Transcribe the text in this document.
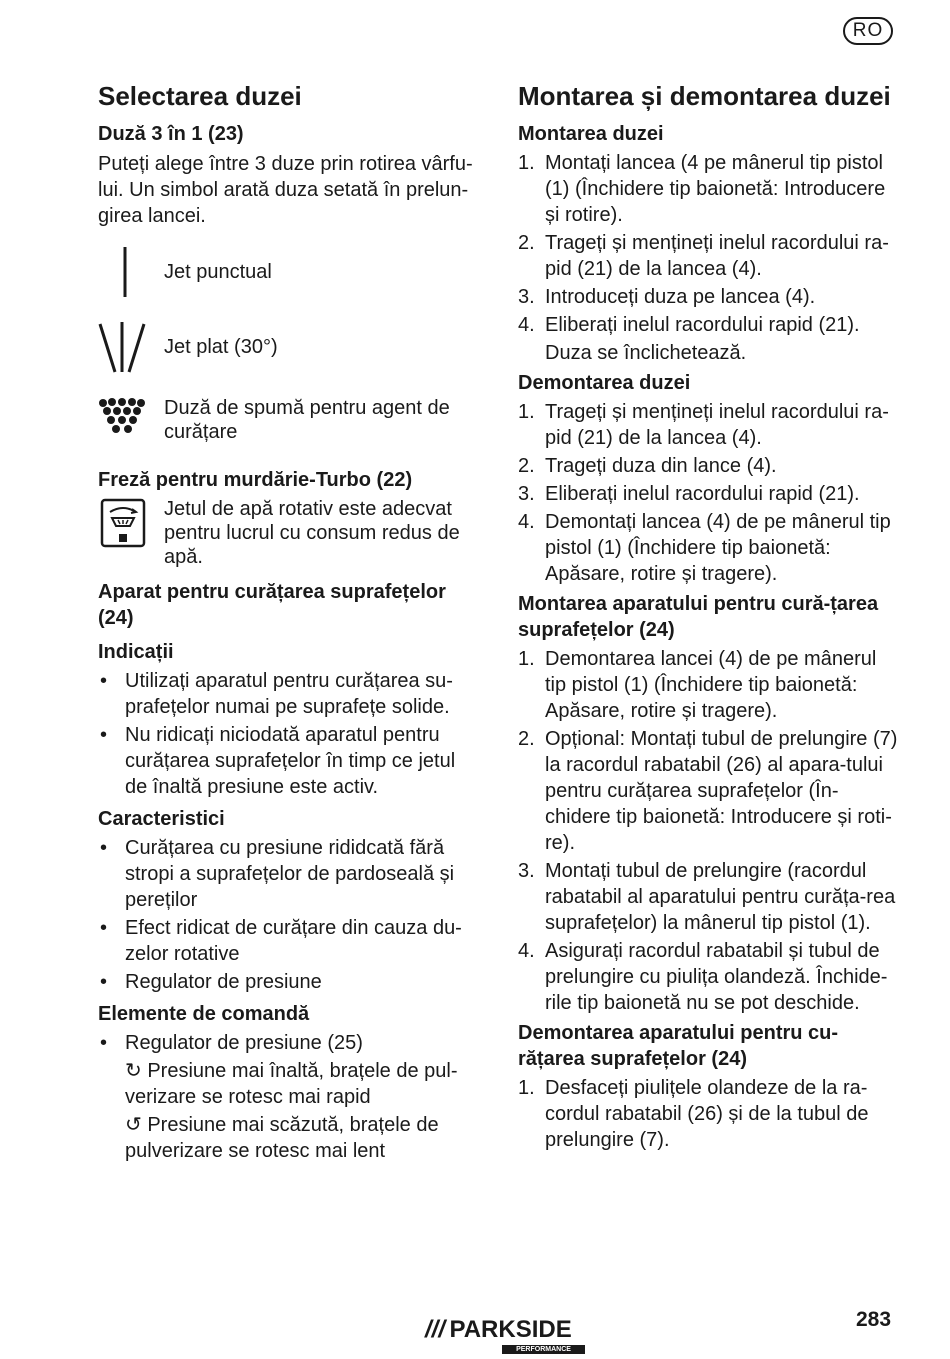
RO
Selectarea duzei
Duză 3 în 1 (23)

Puteți alege între 3 duze prin rotirea vârfu-lui. Un simbol arată duza setată în prelun-girea lancei.

Jet punctual
Jet plat (30°)
Duză de spumă pentru agent de curățare
Freză pentru murdărie-Turbo (22)
Jetul de apă rotativ este adecvat pentru lucrul cu consum redus de apă.
Aparat pentru curățarea suprafețelor (24)
Indicații
• Utilizați aparatul pentru curățarea su-prafețelor numai pe suprafețe solide.
• Nu ridicați niciodată aparatul pentru curățarea suprafețelor în timp ce jetul de înaltă presiune este activ.
Caracteristici
• Curățarea cu presiune rididcată fără stropi a suprafețelor de pardoseală și pereților
• Efect ridicat de curățare din cauza du-zelor rotative
• Regulator de presiune
Elemente de comandă
• Regulator de presiune (25)
↻ Presiune mai înaltă, brațele de pul-verizare se rotesc mai rapid
↺ Presiune mai scăzută, brațele de pulverizare se rotesc mai lent
Montarea și demontarea duzei
Montarea duzei
1. Montați lancea (4 pe mânerul tip pistol (1) (Închidere tip baionetă: Introducere și rotire).
2. Trageți și mențineți inelul racordului ra-pid (21) de la lancea (4).
3. Introduceți duza pe lancea (4).
4. Eliberați inelul racordului rapid (21).
Duza se înclichetează.
Demontarea duzei
1. Trageți și mențineți inelul racordului ra-pid (21) de la lancea (4).
2. Trageți duza din lance (4).
3. Eliberați inelul racordului rapid (21).
4. Demontați lancea (4) de pe mânerul tip pistol (1) (Închidere tip baionetă: Apăsare, rotire și tragere).
Montarea aparatului pentru cură-țarea suprafețelor (24)
1. Demontarea lancei (4) de pe mânerul tip pistol (1) (Închidere tip baionetă: Apăsare, rotire și tragere).
2. Opțional: Montați tubul de prelungire (7) la racordul rabatabil (26) al apara-tului pentru curățarea suprafețelor (În-chidere tip baionetă: Introducere și roti-re).
3. Montați tubul de prelungire (racordul rabatabil al aparatului pentru curăța-rea suprafețelor) la mânerul tip pistol (1).
4. Asigurați racordul rabatabil și tubul de prelungire cu piulița olandeză. Închide-rile tip baionetă nu se pot deschide.
Demontarea aparatului pentru cu-rățarea suprafețelor (24)
1. Desfaceți piulițele olandeze de la ra-cordul rabatabil (26) și de la tubul de prelungire (7).
/// PARKSIDE
PERFORMANCE
283
